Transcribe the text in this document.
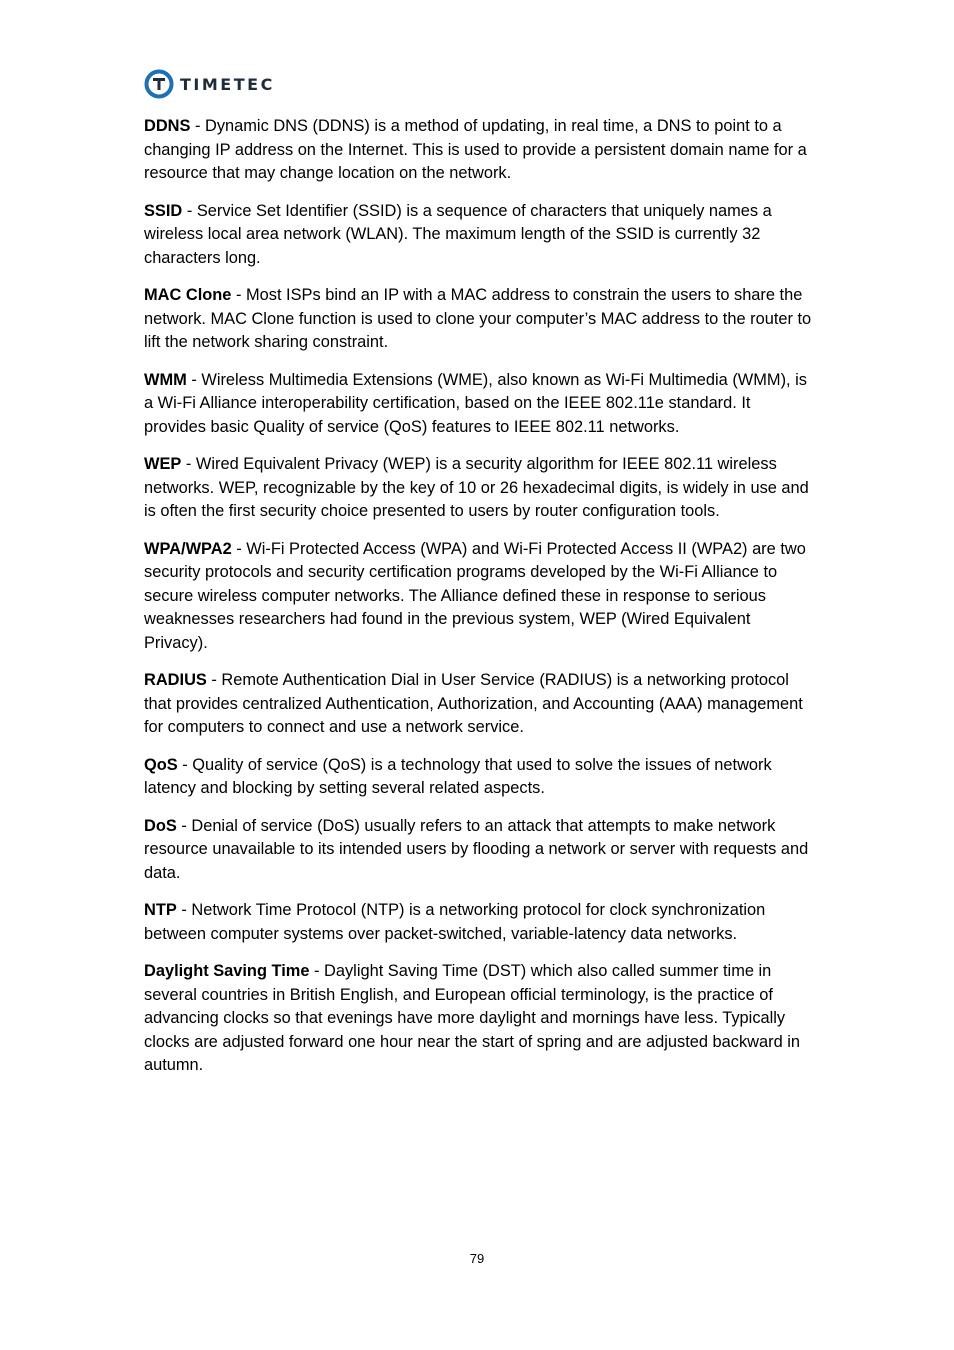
TIMETEC

DDNS - Dynamic DNS (DDNS) is a method of updating, in real time, a DNS to point to a changing IP address on the Internet. This is used to provide a persistent domain name for a resource that may change location on the network.

SSID - Service Set Identifier (SSID) is a sequence of characters that uniquely names a wireless local area network (WLAN). The maximum length of the SSID is currently 32 characters long.

MAC Clone - Most ISPs bind an IP with a MAC address to constrain the users to share the network. MAC Clone function is used to clone your computer’s MAC address to the router to lift the network sharing constraint.

WMM - Wireless Multimedia Extensions (WME), also known as Wi-Fi Multimedia (WMM), is a Wi-Fi Alliance interoperability certification, based on the IEEE 802.11e standard. It provides basic Quality of service (QoS) features to IEEE 802.11 networks.

WEP - Wired Equivalent Privacy (WEP) is a security algorithm for IEEE 802.11 wireless networks. WEP, recognizable by the key of 10 or 26 hexadecimal digits, is widely in use and is often the first security choice presented to users by router configuration tools.

WPA/WPA2 - Wi-Fi Protected Access (WPA) and Wi-Fi Protected Access II (WPA2) are two security protocols and security certification programs developed by the Wi-Fi Alliance to secure wireless computer networks. The Alliance defined these in response to serious weaknesses researchers had found in the previous system, WEP (Wired Equivalent Privacy).

RADIUS - Remote Authentication Dial in User Service (RADIUS) is a networking protocol that provides centralized Authentication, Authorization, and Accounting (AAA) management for computers to connect and use a network service.

QoS - Quality of service (QoS) is a technology that used to solve the issues of network latency and blocking by setting several related aspects.

DoS - Denial of service (DoS) usually refers to an attack that attempts to make network resource unavailable to its intended users by flooding a network or server with requests and data.

NTP - Network Time Protocol (NTP) is a networking protocol for clock synchronization between computer systems over packet-switched, variable-latency data networks.

Daylight Saving Time - Daylight Saving Time (DST) which also called summer time in several countries in British English, and European official terminology, is the practice of advancing clocks so that evenings have more daylight and mornings have less. Typically clocks are adjusted forward one hour near the start of spring and are adjusted backward in autumn.

79
